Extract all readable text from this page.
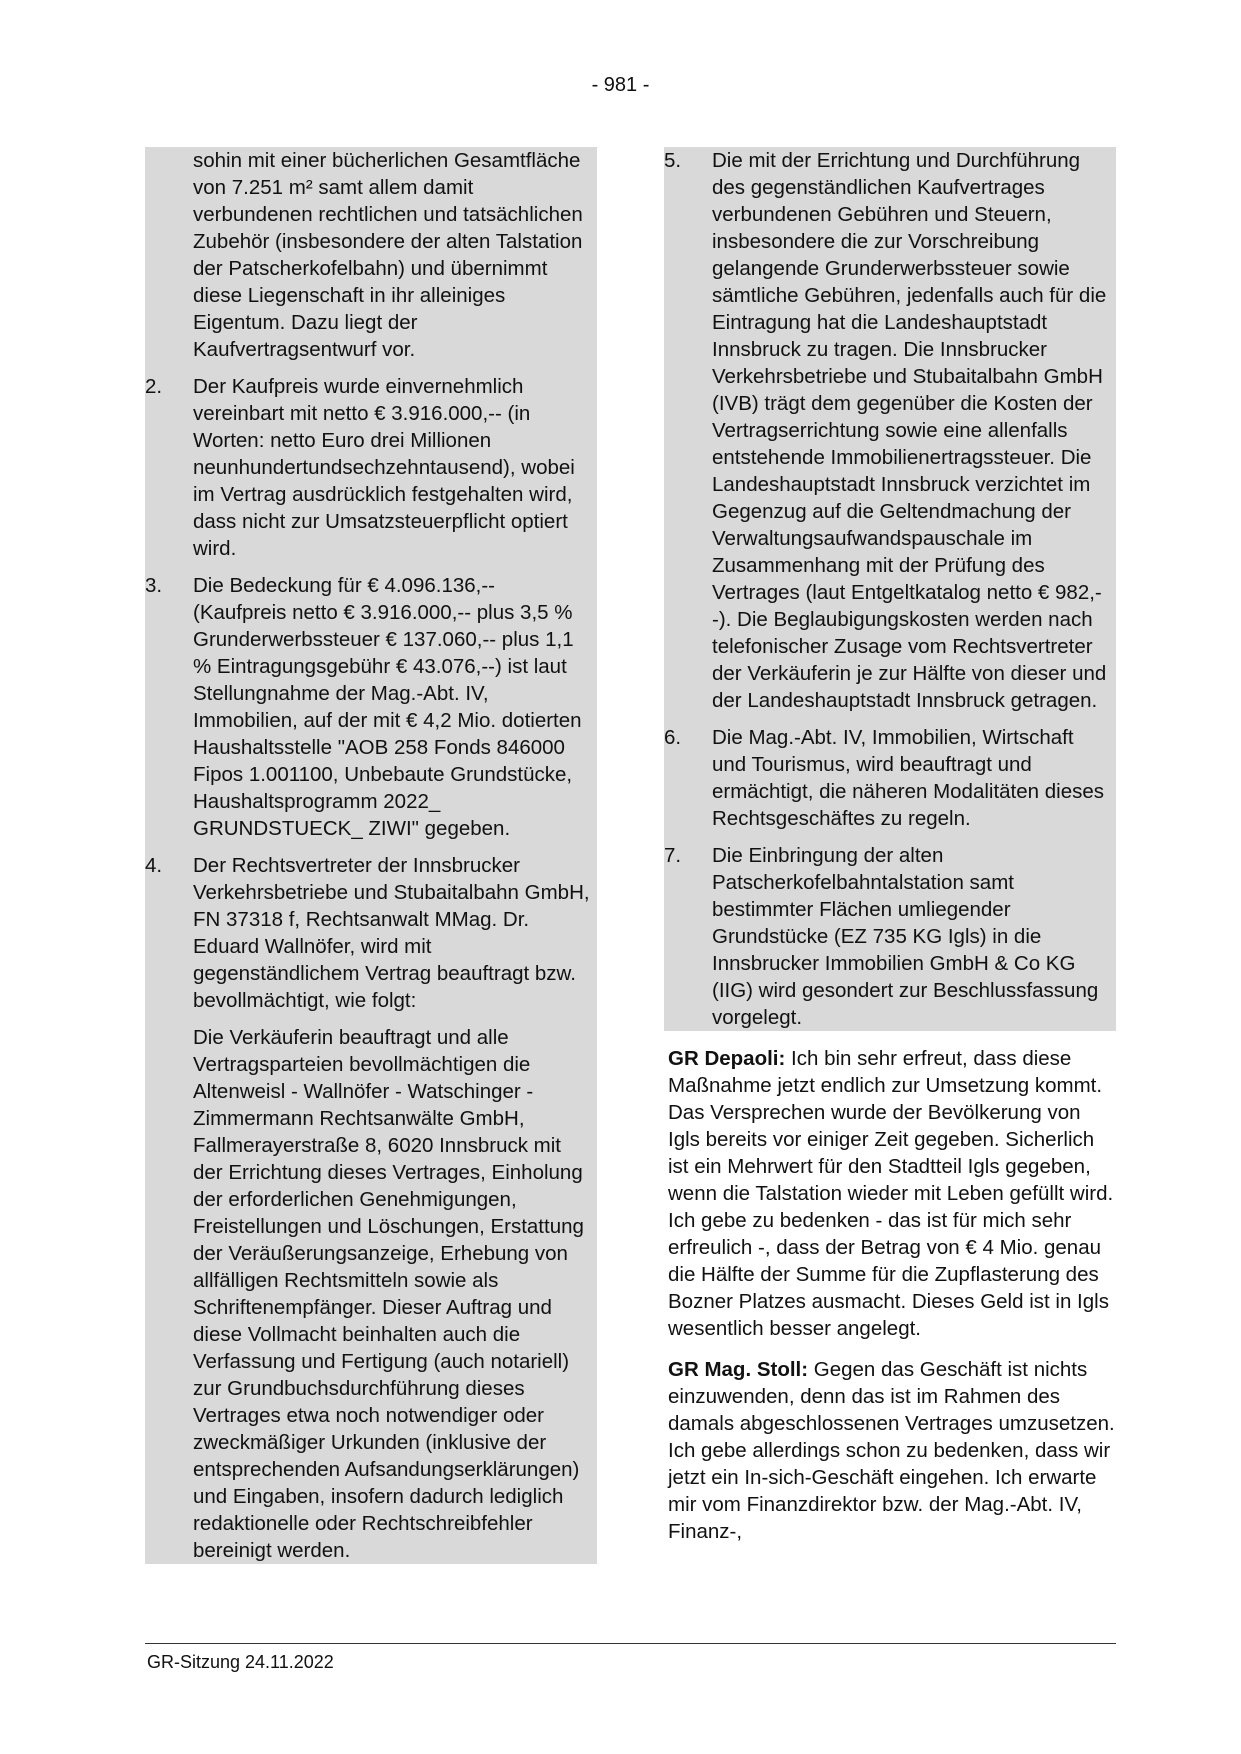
- 981 -

sohin mit einer bücherlichen Gesamtfläche von 7.251 m² samt allem damit verbundenen rechtlichen und tatsächlichen Zubehör (insbesondere der alten Talstation der Patscherkofelbahn) und übernimmt diese Liegenschaft in ihr alleiniges Eigentum. Dazu liegt der Kaufvertragsentwurf vor.

2.	Der Kaufpreis wurde einvernehmlich vereinbart mit netto € 3.916.000,-- (in Worten: netto Euro drei Millionen neunhundertundsechzehntausend), wobei im Vertrag ausdrücklich festgehalten wird, dass nicht zur Umsatzsteuerpflicht optiert wird.
3.	Die Bedeckung für € 4.096.136,-- (Kaufpreis netto € 3.916.000,-- plus 3,5 % Grunderwerbssteuer € 137.060,-- plus 1,1 % Eintragungsgebühr € 43.076,--) ist laut Stellungnahme der Mag.-Abt. IV, Immobilien, auf der mit € 4,2 Mio. dotierten Haushaltsstelle "AOB 258 Fonds 846000 Fipos 1.001100, Unbebaute Grundstücke, Haushaltsprogramm 2022_ GRUNDSTUECK_ ZIWI" gegeben.
4.	Der Rechtsvertreter der Innsbrucker Verkehrsbetriebe und Stubaitalbahn GmbH, FN 37318 f, Rechtsanwalt MMag. Dr. Eduard Wallnöfer, wird mit gegenständlichem Vertrag beauftragt bzw. bevollmächtigt, wie folgt:

Die Verkäuferin beauftragt und alle Vertragsparteien bevollmächtigen die Altenweisl - Wallnöfer - Watschinger - Zimmermann Rechtsanwälte GmbH, Fallmerayerstraße 8, 6020 Innsbruck mit der Errichtung dieses Vertrages, Einholung der erforderlichen Genehmigungen, Freistellungen und Löschungen, Erstattung der Veräußerungsanzeige, Erhebung von allfälligen Rechtsmitteln sowie als Schriftenempfänger. Dieser Auftrag und diese Vollmacht beinhalten auch die Verfassung und Fertigung (auch notariell) zur Grundbuchsdurchführung dieses Vertrages etwa noch notwendiger oder zweckmäßiger Urkunden (inklusive der entsprechenden Aufsandungserklärungen) und Eingaben, insofern dadurch lediglich redaktionelle oder Rechtschreibfehler bereinigt werden.

5.	Die mit der Errichtung und Durchführung des gegenständlichen Kaufvertrages verbundenen Gebühren und Steuern, insbesondere die zur Vorschreibung gelangende Grunderwerbssteuer sowie sämtliche Gebühren, jedenfalls auch für die Eintragung hat die Landeshauptstadt Innsbruck zu tragen. Die Innsbrucker Verkehrsbetriebe und Stubaitalbahn GmbH (IVB) trägt dem gegenüber die Kosten der Vertragserrichtung sowie eine allenfalls entstehende Immobilienertragssteuer. Die Landeshauptstadt Innsbruck verzichtet im Gegenzug auf die Geltendmachung der Verwaltungsaufwandspauschale im Zusammenhang mit der Prüfung des Vertrages (laut Entgeltkatalog netto € 982,--). Die Beglaubigungskosten werden nach telefonischer Zusage vom Rechtsvertreter der Verkäuferin je zur Hälfte von dieser und der Landeshauptstadt Innsbruck getragen.
6.	Die Mag.-Abt. IV, Immobilien, Wirtschaft und Tourismus, wird beauftragt und ermächtigt, die näheren Modalitäten dieses Rechtsgeschäftes zu regeln.
7.	Die Einbringung der alten Patscherkofelbahntalstation samt bestimmter Flächen umliegender Grundstücke (EZ 735 KG Igls) in die Innsbrucker Immobilien GmbH & Co KG (IIG) wird gesondert zur Beschlussfassung vorgelegt.

GR Depaoli: Ich bin sehr erfreut, dass diese Maßnahme jetzt endlich zur Umsetzung kommt. Das Versprechen wurde der Bevölkerung von Igls bereits vor einiger Zeit gegeben. Sicherlich ist ein Mehrwert für den Stadtteil Igls gegeben, wenn die Talstation wieder mit Leben gefüllt wird. Ich gebe zu bedenken - das ist für mich sehr erfreulich -, dass der Betrag von € 4 Mio. genau die Hälfte der Summe für die Zupflasterung des Bozner Platzes ausmacht. Dieses Geld ist in Igls wesentlich besser angelegt.

GR Mag. Stoll: Gegen das Geschäft ist nichts einzuwenden, denn das ist im Rahmen des damals abgeschlossenen Vertrages umzusetzen. Ich gebe allerdings schon zu bedenken, dass wir jetzt ein In-sich-Geschäft eingehen. Ich erwarte mir vom Finanzdirektor bzw. der Mag.-Abt. IV, Finanz-,

GR-Sitzung 24.11.2022
